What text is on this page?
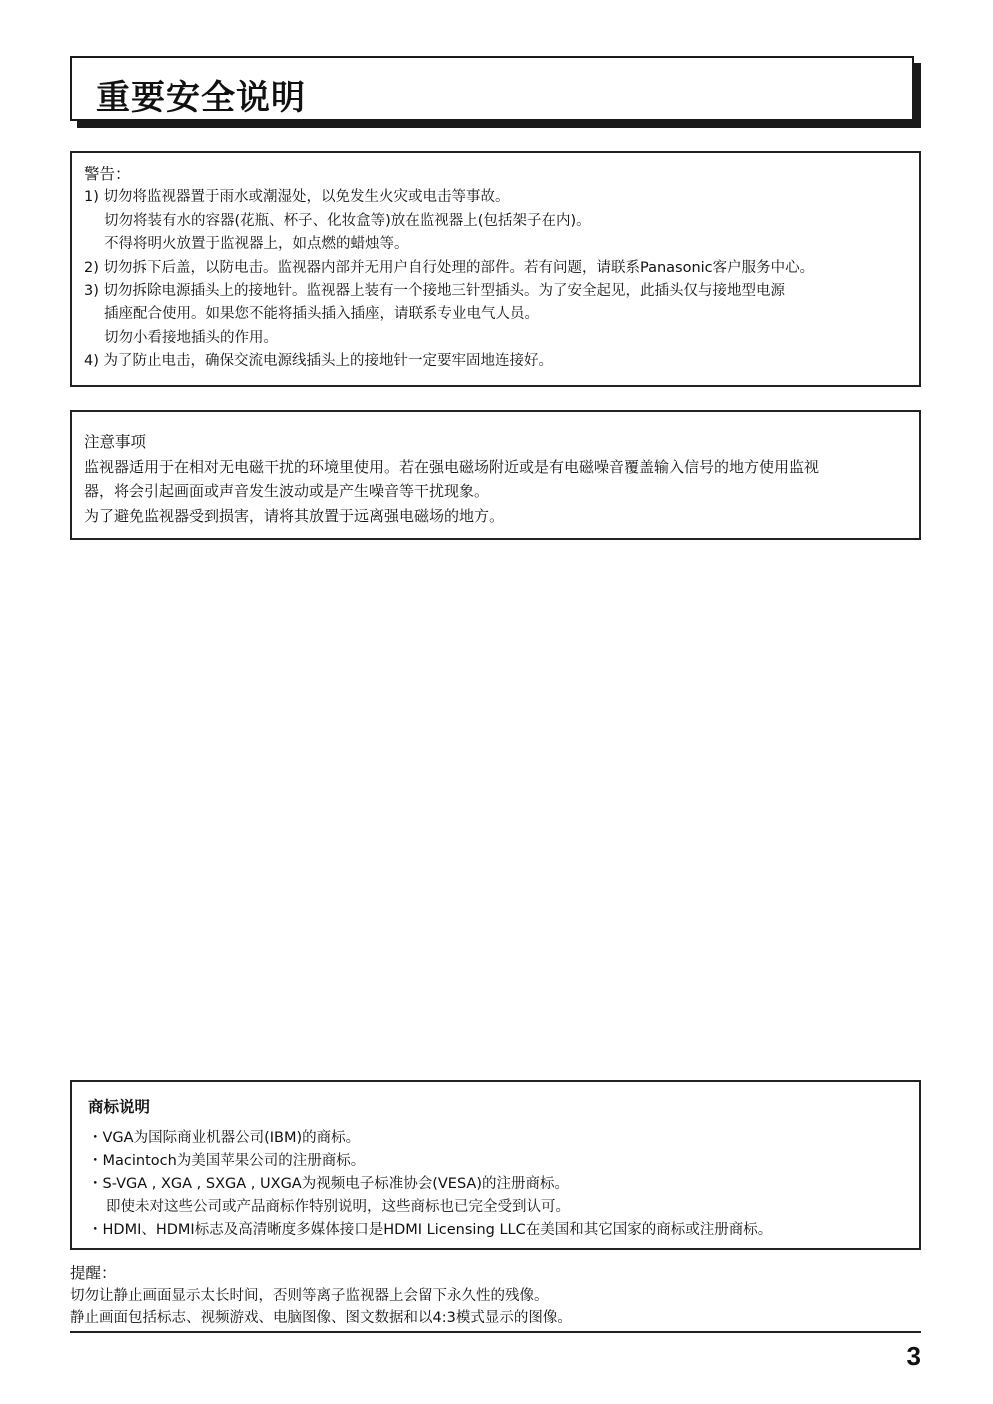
重要安全说明

警告：

1) 切勿将监视器置于雨水或潮湿处，以免发生火灾或电击等事故。

切勿将装有水的容器(花瓶、杯子、化妆盒等)放在监视器上(包括架子在内)。

不得将明火放置于监视器上，如点燃的蜡烛等。

2) 切勿拆下后盖，以防电击。监视器内部并无用户自行处理的部件。若有问题，请联系Panasonic客户服务中心。

3) 切勿拆除电源插头上的接地针。监视器上装有一个接地三针型插头。为了安全起见，此插头仅与接地型电源

插座配合使用。如果您不能将插头插入插座，请联系专业电气人员。

切勿小看接地插头的作用。

4) 为了防止电击，确保交流电源线插头上的接地针一定要牢固地连接好。

注意事项

监视器适用于在相对无电磁干扰的环境里使用。若在强电磁场附近或是有电磁噪音覆盖输入信号的地方使用监视

器，将会引起画面或声音发生波动或是产生噪音等干扰现象。

为了避免监视器受到损害，请将其放置于远离强电磁场的地方。

商标说明

・VGA为国际商业机器公司(IBM)的商标。

・Macintoch为美国苹果公司的注册商标。

・S-VGA , XGA , SXGA , UXGA为视频电子标准协会(VESA)的注册商标。

即使未对这些公司或产品商标作特别说明，这些商标也已完全受到认可。

・HDMI、HDMI标志及高清晰度多媒体接口是HDMI Licensing LLC在美国和其它国家的商标或注册商标。

提醒：

切勿让静止画面显示太长时间，否则等离子监视器上会留下永久性的残像。

静止画面包括标志、视频游戏、电脑图像、图文数据和以4:3模式显示的图像。

3
